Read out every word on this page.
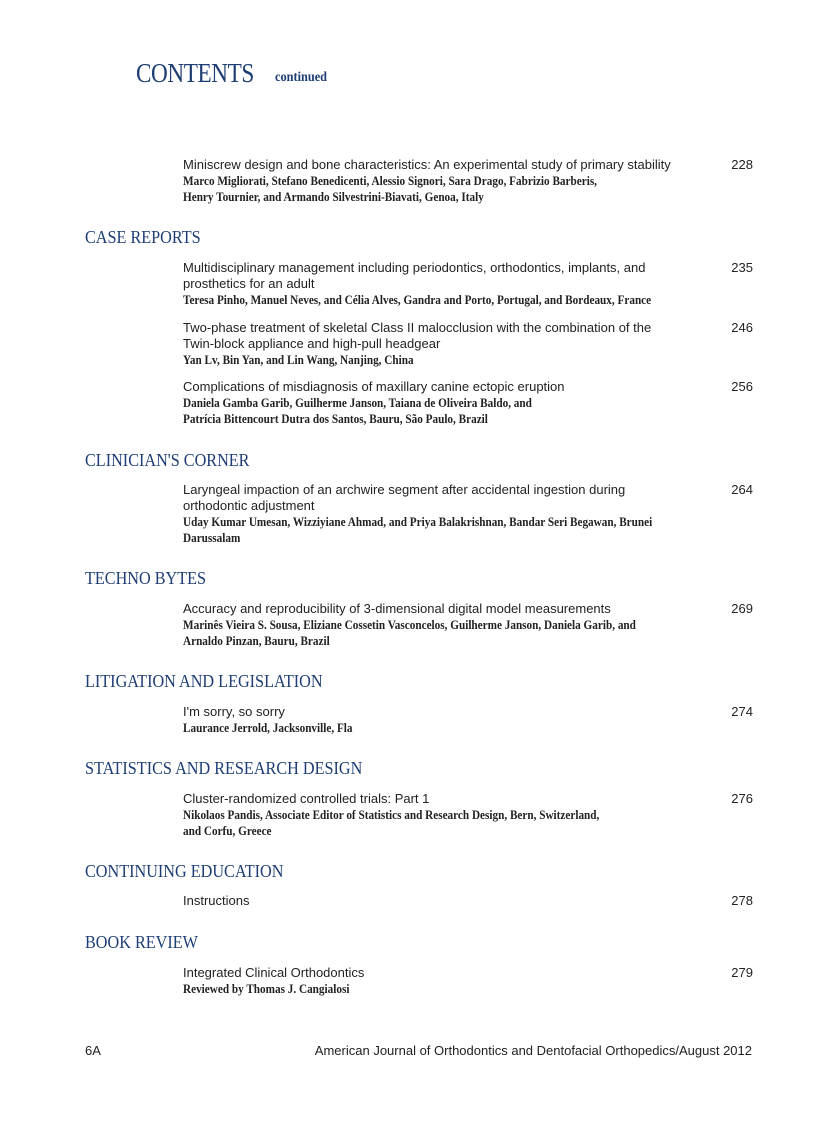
CONTENTS continued
CASE REPORTS
CLINICIAN'S CORNER
TECHNO BYTES
LITIGATION AND LEGISLATION
STATISTICS AND RESEARCH DESIGN
CONTINUING EDUCATION
BOOK REVIEW
Miniscrew design and bone characteristics: An experimental study of primary stability
Marco Migliorati, Stefano Benedicenti, Alessio Signori, Sara Drago, Fabrizio Barberis,
Henry Tournier, and Armando Silvestrini-Biavati, Genoa, Italy
228
Multidisciplinary management including periodontics, orthodontics, implants, and
prosthetics for an adult
Teresa Pinho, Manuel Neves, and Célia Alves, Gandra and Porto, Portugal, and Bordeaux, France
235
Two-phase treatment of skeletal Class II malocclusion with the combination of the
Twin-block appliance and high-pull headgear
Yan Lv, Bin Yan, and Lin Wang, Nanjing, China
246
Complications of misdiagnosis of maxillary canine ectopic eruption
Daniela Gamba Garib, Guilherme Janson, Taiana de Oliveira Baldo, and
Patrícia Bittencourt Dutra dos Santos, Bauru, São Paulo, Brazil
256
Laryngeal impaction of an archwire segment after accidental ingestion during
orthodontic adjustment
Uday Kumar Umesan, Wizziyiane Ahmad, and Priya Balakrishnan, Bandar Seri Begawan, Brunei
Darussalam
264
Accuracy and reproducibility of 3-dimensional digital model measurements
Marinês Vieira S. Sousa, Eliziane Cossetin Vasconcelos, Guilherme Janson, Daniela Garib, and
Arnaldo Pinzan, Bauru, Brazil
269
I'm sorry, so sorry
Laurance Jerrold, Jacksonville, Fla
274
Cluster-randomized controlled trials: Part 1
Nikolaos Pandis, Associate Editor of Statistics and Research Design, Bern, Switzerland,
and Corfu, Greece
276
Instructions	278
Integrated Clinical Orthodontics
Reviewed by Thomas J. Cangialosi
279
6A	American Journal of Orthodontics and Dentofacial Orthopedics/August 2012
